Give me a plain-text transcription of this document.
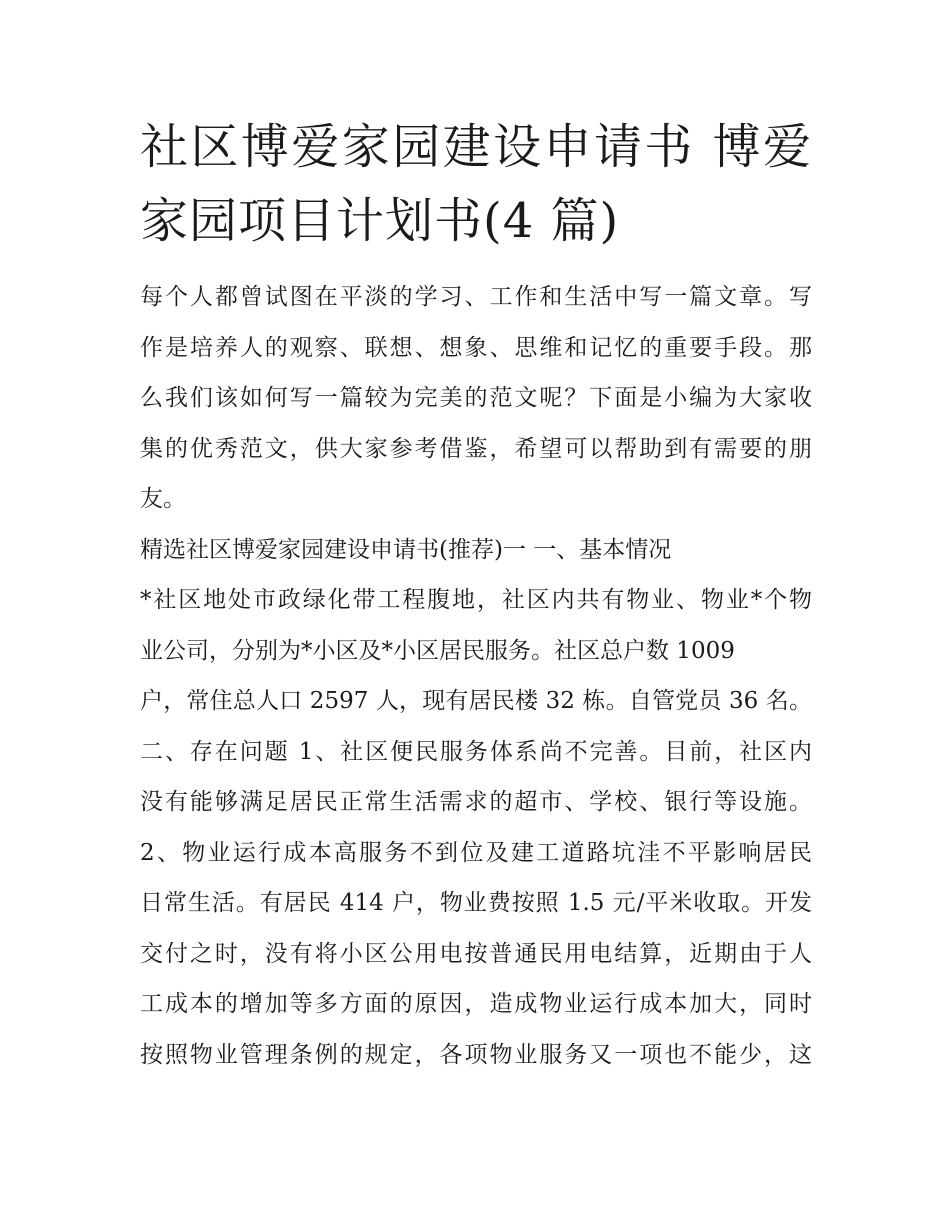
社区博爱家园建设申请书 博爱
家园项目计划书(4 篇)
每个人都曾试图在平淡的学习、工作和生活中写一篇文章。写
作是培养人的观察、联想、想象、思维和记忆的重要手段。那
么我们该如何写一篇较为完美的范文呢？下面是小编为大家收
集的优秀范文，供大家参考借鉴，希望可以帮助到有需要的朋
友。
精选社区博爱家园建设申请书(推荐)一 一、基本情况
*社区地处市政绿化带工程腹地，社区内共有物业、物业*个物
业公司，分别为*小区及*小区居民服务。社区总户数 1009
户，常住总人口 2597 人，现有居民楼 32 栋。自管党员 36 名。
二、存在问题 1、社区便民服务体系尚不完善。目前，社区内
没有能够满足居民正常生活需求的超市、学校、银行等设施。
2、物业运行成本高服务不到位及建工道路坑洼不平影响居民
日常生活。有居民 414 户，物业费按照 1.5 元/平米收取。开发
交付之时，没有将小区公用电按普通民用电结算，近期由于人
工成本的增加等多方面的原因，造成物业运行成本加大，同时
按照物业管理条例的规定，各项物业服务又一项也不能少，这
